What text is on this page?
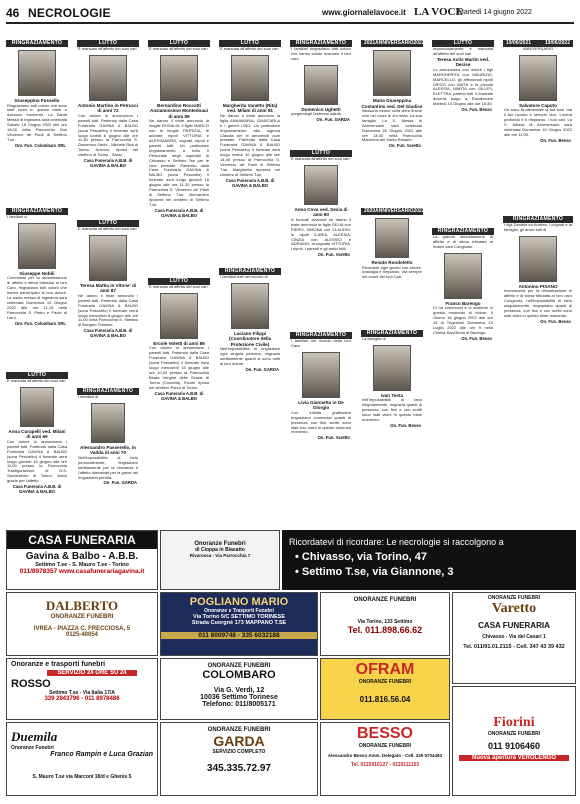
46 NECROLOGIE	www.giornalelavoce.it LA VOCE
Martedì 14 giugno 2022
RINGRAZIAMENTO
Giuseppina Fossello
Ringraziamo tutti coloro che sono stati vicini in questo triste e doloroso momento. La Santa Messa di trigesima sarà celebrata Sabato 18 Giugno 2022 alle ore 18,00 nella Parrocchia San Vincenzo de Paoli di Settimo T.se.
Onr. Fun. Colombaro SRL
RINGRAZIAMENTO
I familiari ci
Giuseppe Nobili
Commossi per la dimostrazione di affetto e stima tributata al loro Caro, ringraziano tutti coloro che hanno partecipato al loro dolore. La santa messa di trigesima sarà celebrata Domenica 19 Giugno 2022 alle ore 11,15 nella Parrocchia S. Pietro e Paolo di Leinì.
Onr. Fun. Colombaro SRL
LUTTO
È mancata all'affetto dei suoi cari
Anna Curapelli ved. Milani di anni 69
Con dolore lo annunciano i parenti tutti. Partendo dalla Casa Funeraria GAVINA & BALBO (sona Pescarito) il funerale avrà luogo giovedì 16 giugno alle ore 11,00 presso la Parrocchia Trasfigurazione di N.S. Sacramento di Torino. Amici grazie per l'affetto
Casa Funeraria A.B.B. di GAVINA & BALBO
LUTTO
È mancato all'affetto dei suoi cari
Antonio Martino in Petrucci di anni 72
Con dolore lo annunciano i parenti tutti. Partendo dalla Casa Funeraria GAVINA & BALBO (sona Pescarito) il funerale avrà luogo lunedì 6 giugno alle ore 11,30 presso la Parrocchia S. Domenico Savio - Michele Rua di Torino. Antonio, riposa nel cimitero di Torino - Sassi.
Casa Funeraria A.B.B. di GAVINA & BALBO
LUTTO
È mancata all'affetto dei suoi cari
Teresa Mattia in Vitone' di anni 87
Ne danno il triste annuncio i parenti tutti. Partendo dalla Casa Funeraria GAVINA & BALBO (sona Pescarito) il funerale verrà luogo mercoledì 8 giugno alle ore 11,00 nella Parrocchia S. Stefano di Borgaro Torinese.
Casa Funeraria A.B.B. di GAVINA & BALBO
RINGRAZIAMENTO
I familiari di
Alessandro Passerello, in Vadda di anni 70
Nell'impossibilità di farlo personalmente, ringraziano sentitamente per la vicinanza e l'affetto dimostrati per la grave nel ringraziano perdita.
On. Fun. GARDA
LUTTO
È mancato all'affetto dei suoi cari
Bernardino Roccatti Anziamissimo Montedoaui di anni 89
Ne danno il triste annuncio la moglie ROSALIA, il figlio MARCO con la moglie PATRIZIA, le adorate nipoti VITTORIA e ALESSANDRA, cognati, nipoti e parenti tutti. Un particolare ringraziamento a tutto il Personale degli ospedali di Chivasso e Settimo Tse per le cure prestate. Partendo dalla Casa Funeraria GAVINA & BALBO (sona Pescarito) il funerale avrà luogo giovedì 16 giugno alle ore 11,30 presso la Parrocchia S. Vincenzo de' Paoli di Settimo T.se. Bernardino riposerà nel cimitero di Settimo T.se.
Casa Funeraria A.B.B. di GAVINA & BALBO
LUTTO
È mancato all'affetto dei suoi cari
Ercole Voletti di anni 89
Con dolore lo annunciano i parenti tutti. Partendo dalla Casa Funeraria GAVINA & BALBO (sona Pescarito) il funerale avrà luogo mercoledì 15 giugno alle ore 10,00 presso la Parrocchia Beata Vergine delle Grazie di Torino (Crocetta). Ercole riposa nel cimitero Parco di Torino.
Casa Funeraria A.B.B. di GAVINA & BALBO
LUTTO
È mancata all'affetto dei suoi cari
Margherita Vanetto (Rita) ved. Milani di anni 91
Ne danno il triste annuncio la figlia ANNAMARIA, GIANCARLA e i generi LINO. Un particolare ringraziamento alla signora Claudia per le amorevoli cure prestate. Partendo dalla Casa Funeraria GAVINA & BALBO (sona Pescarito) il funerale avrà luogo lunedì 10 giugno alle ore 14,45 presso la Parrocchia S. Vincenzo de' Paoli di Settimo T.se. Margherita riposerà nel cimitero di Settimo T.se.
Casa Funeraria A.B.B. di GAVINA & BALBO
RINGRAZIAMENTO
I familiari tutti nel ricordo di
Luciano Filippi (Coordinatore della Protezione Civile)
Nell'impossibilità di ringraziare ogni singola persona, ringrazia sentitamente quanti si sono uniti al loro dolore.
On. Fun. GARDA
RINGRAZIAMENTO
I familiari ringraziano tutti coloro che hanno voluto ricordare il loro caro
Domenico Ughetti
porgendogli l'estremo saluto.
On. Fun. GARDA
LUTTO
È mancata all'affetto dei suoi cari
Anna Cova ved. Sesia di anni 90
A funerali avvenuti ne danno il triste annuncio le figlie DELIA con PIERO, SIMONA con CLAUDIO, le nipoti ILARIA, ALESSIA, CINZIA con ALESSIO e ADRIANO, la cognata VITTORIA, i nipoti, i parenti e gli amici tutti.
On. Fun. Varetto
RINGRAZIAMENTO
I familiari nel ricordo della loro Cara
Livia Giannetta in De Giorgio
Con infinita gratitudine ringraziano commossi quanti di presenza, con fiori, scritti, sono stati loro vicini in questo doloroso momento.
On. Fun. Varetto
2021 ANNIVERSARIO 2022
Maria Giuseppina Costantino ved. Del Giudice
Nessuno muore sulla terra finché vive nel cuore di chi resta. La sua famiglia. La S. Messa di Anniversario sarà celebrata Domenica 26 Giugno 2022 alle ore 18,00 nella Parrocchia Madonna del Santo Rosario.
On. Fun. Varetto
2020 ANNIVERSARIO 2022
Renato Rondoletto
Ricordare ogni giorno con amore, nostalgia e rimpianto, vivi sempre nel cuore dei tuoi Cari.
RINGRAZIAMENTO
La famiglia di
Ivan Testa
nell'impossibilità di farlo singolarmente, ringrazia quanti di presenza, con fiori e con scritti sono stati vicini in questo triste momento.
On. Fun. Besso
LUTTO
Improvvisamente è mancata all'affetto dei suoi cari
Teresa Actis Martin ved. Decise
Lo annunciano con dolore i figli MARGHERITA con MAURIZIO, MARCELLO, gli affezionati nipoti DIEGO con ANITA e la piccola ALESSIA, MARTA con GILLES, ELETTRA, parenti tutti. Il funerale avverrà luogo a Rondissone Martedì 14 Giugno alle ore 18,30.
On. Fun. Besso
RINGRAZIAMENTO
La grande dimostrazione di affetto e di stima tributata al nostro caro Congiunto
Franco Barengo
Ci ha commossi e ci sostiene in questo momento di dolore. Il Giorno 16 giugno 2022 alle ore 18 di Trigesimo Domenica 10 Luglio 2022 alle ore 9 nella Chiesa Sant'Anna di Barengo.
On. Fun. Besso
19/06/2021	19/06/2022
ANNIVERSARIO
Salvatore Caputo
Un anno fa alimentate la tua luce, ma il tuo ricordo è sempre vivo. Lorena profondo e il rimpianto. I tuoi cari. La S. Messa di Anniversario sarà celebrata Domenica 19 Giugno 2022 alle ore 11,00.
On. Fun. Besso
RINGRAZIAMENTO
I figli Daniela ed Andrea, i cognati e la famiglia, gli amici tutti di
Antonino PISANO
riconoscenti per la dimostrazione di affetto e di stima tributata al loro caro Congiunto, nell'impossibilità di farlo singolarmente, ringraziano quanti di presenza, con fiori e con scritti sono stati vicini in questo triste momento.
On. Fun. Besso
CASA FUNERARIA
Gavina & Balbo - A.B.B.
Settimo T.se - S. Mauro T.se - Torino
011/8978357 www.casafunerariagavina.it
Onoranze Funebri
di Cioppa in Biasatto
Rivarossa - Via Parrocchia 7
Ricordatevi di ricordare: Le necrologie si raccolgono a
• Chivasso, via Torino, 47
• Settimo T.se, via Giannone, 3
DALBERTO
ONORANZE FUNEBRI
IVREA - PIAZZA C. FRECCIOSA, 5
0125-40054
POGLIANO MARIO
Onoranze e Trasporti Funebri
Via Torino 5/C SETTIMO TORINESE
Strada Cuorgnè 173 MAPPANO T.SE
011 8009748 - 335 6032188
ONORANZE FUNEBRI
Via Torino, 133 Settimo
Tel. 011.898.66.62
ONORANZE FUNEBRI
Varetto
CASA FUNERARIA
Chivasso - Via dei Casari 1
Tel. 011/91.01.2115 - Cell. 347 43 39 432
Onoranze e trasporti funebri
SERVIZIO 24 ORE SU 24
ROSSO
Settimo T.se - Via Italia 17/A
339 2843796 - 011 8978486
ONORANZE FUNEBRI
COLOMBARO
Via G. Verdi, 12
10036 Settimo Torinese
Telefono: 011/8005171
OFRAM
ONORANZE FUNEBRI
011.816.56.04
Duemila
Onoranze Funebri
Franco Rampin e Luca Grazian
S. Mauro T.se via Marconi 18/d e Ghenis 5
ONORANZE FUNEBRI
GARDA
SERVIZIO COMPLETO
345.335.72.97
BESSO
ONORANZE FUNEBRI
Alessandro Besso Amm. Delegato - Cell. 335 5704493
Tel. 0115910127 - 0119111153
Fiorini
ONORANZE FUNEBRI
011 9106460
Nuova apertura VEROLENGO
